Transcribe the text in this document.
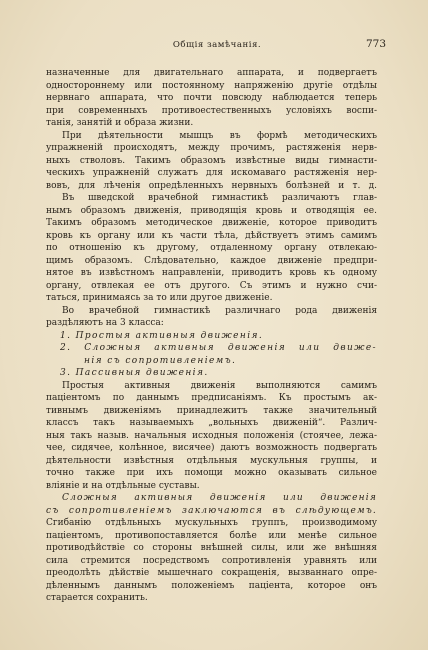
Общія замѣчанія.	773
назначенные для двигательнаго аппарата, и подвергаетъ
одностороннему или постоянному напряженію другіе отдѣлы
нервнаго аппарата, что почти повсюду наблюдается теперь
при современныхъ противоестественныхъ условіяхъ воспи-
танія, занятій и образа жизни.
При дѣятельности мышцъ въ формѣ методическихъ
упражненій происходятъ, между прочимъ, растяженія нерв-
ныхъ стволовъ. Такимъ образомъ извѣстные виды гимнасти-
ческихъ упражненій служатъ для искомаваго растяженія нер-
вовъ, для лѣченія опредѣленныхъ нервныхъ болѣзней и т. д.
Въ шведской врачебной гимнастикѣ различаютъ глав-
нымъ образомъ движенія, приводящія кровь и отводящія ее.
Такимъ образомъ методическое движеніе, которое приводитъ
кровь къ органу или къ части тѣла, дѣйствуетъ этимъ самимъ
по отношенію къ другому, отдаленному органу отвлекаю-
щимъ образомъ. Слѣдовательно, каждое движеніе предпри-
нятое въ извѣстномъ направленіи, приводитъ кровь къ одному
органу, отвлекая ее отъ другого. Съ этимъ и нужно счи-
таться, принимаясь за то или другое движеніе.
Во врачебной гимнастикѣ различнаго рода движенія
раздѣляютъ на 3 класса:
1. Простыя активныя движенія.
2. Сложныя активныя движенія или движе-
нія съ сопротивленіемъ.
3. Пассивныя движенія.
Простыя активныя движенія выполняются самимъ
паціентомъ по даннымъ предписаніямъ. Къ простымъ ак-
тивнымъ движеніямъ принадлежитъ также значительный
классъ такъ называемыхъ „вольныхъ движеній“. Различ-
ныя такъ назыв. начальныя исходныя положенія (стоячее, лежа-
чее, сидячее, колѣнное, висячее) даютъ возможность подвергать
дѣятельности извѣстныя отдѣльныя мускульныя группы, и
точно также при ихъ помощи можно оказывать сильное
вліяніе и на отдѣльные суставы.
Сложныя активныя движенія или движенія
съ сопротивленіемъ заключаются въ слѣдующемъ.
Сгибанію отдѣльныхъ мускульныхъ группъ, производимому
паціентомъ, противопоставляется болѣе или менѣе сильное
противодѣйствіе со стороны внѣшней силы, или же внѣшняя
сила стремится посредствомъ сопротивленія уравнять или
преодолѣть дѣйствіе мышечнаго сокращенія, вызваннаго опре-
дѣленнымъ даннымъ положеніемъ паціента, которое онъ
старается сохранить.
